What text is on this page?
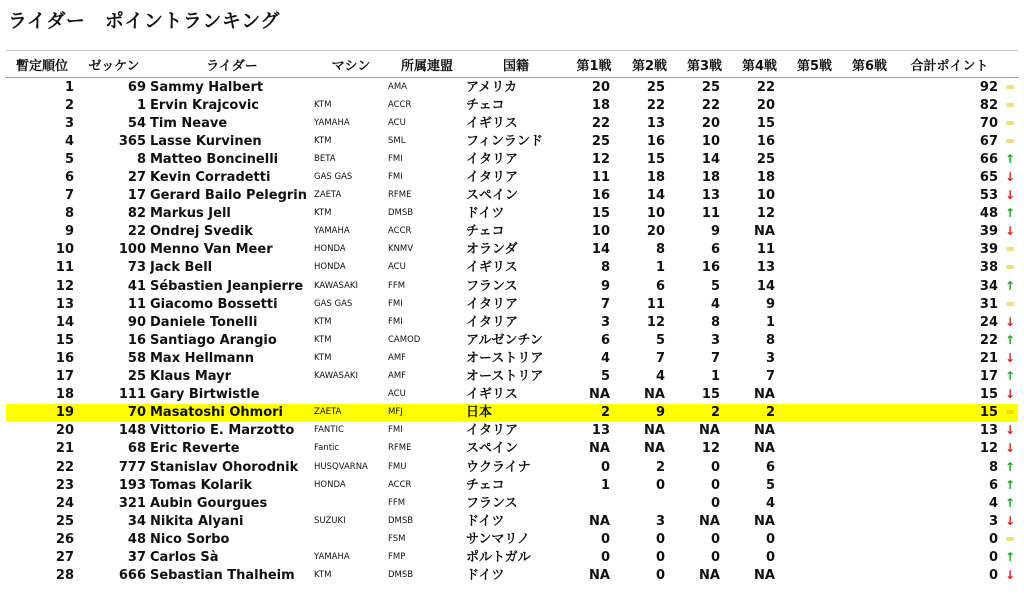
ライダー　ポイントランキング
暫定順位	ゼッケン	ライダー	マシン	所属連盟	国籍	第1戦	第2戦	第3戦	第4戦	第5戦	第6戦	合計ポイント	
1	69	Sammy Halbert		AMA	アメリカ	20	25	25	22			92	═
2	1	Ervin Krajcovic	KTM	ACCR	チェコ	18	22	22	20			82	═
3	54	Tim Neave	YAMAHA	ACU	イギリス	22	13	20	15			70	═
4	365	Lasse Kurvinen	KTM	SML	フィンランド	25	16	10	16			67	═
5	8	Matteo Boncinelli	BETA	FMI	イタリア	12	15	14	25			66	↑
6	27	Kevin Corradetti	GAS GAS	FMI	イタリア	11	18	18	18			65	↓
7	17	Gerard Bailo Pelegrin	ZAETA	RFME	スペイン	16	14	13	10			53	↓
8	82	Markus Jell	KTM	DMSB	ドイツ	15	10	11	12			48	↑
9	22	Ondrej Svedik	YAMAHA	ACCR	チェコ	10	20	9	NA			39	↓
10	100	Menno Van Meer	HONDA	KNMV	オランダ	14	8	6	11			39	═
11	73	Jack Bell	HONDA	ACU	イギリス	8	1	16	13			38	═
12	41	Sébastien Jeanpierre	KAWASAKI	FFM	フランス	9	6	5	14			34	↑
13	11	Giacomo Bossetti	GAS GAS	FMI	イタリア	7	11	4	9			31	═
14	90	Daniele Tonelli	KTM	FMI	イタリア	3	12	8	1			24	↓
15	16	Santiago Arangio	KTM	CAMOD	アルゼンチン	6	5	3	8			22	↑
16	58	Max Hellmann	KTM	AMF	オーストリア	4	7	7	3			21	↓
17	25	Klaus Mayr	KAWASAKI	AMF	オーストリア	5	4	1	7			17	↑
18	111	Gary Birtwistle		ACU	イギリス	NA	NA	15	NA			15	↓
19	70	Masatoshi Ohmori	ZAETA	MFJ	日本	2	9	2	2			15	═
20	148	Vittorio E. Marzotto	FANTIC	FMI	イタリア	13	NA	NA	NA			13	↓
21	68	Eric Reverte	Fantic	RFME	スペイン	NA	NA	12	NA			12	↓
22	777	Stanislav Ohorodnik	HUSQVARNA	FMU	ウクライナ	0	2	0	6			8	↑
23	193	Tomas Kolarik	HONDA	ACCR	チェコ	1	0	0	5			6	↑
24	321	Aubin Gourgues		FFM	フランス			0	4			4	↑
25	34	Nikita Alyani	SUZUKI	DMSB	ドイツ	NA	3	NA	NA			3	↓
26	48	Nico Sorbo		FSM	サンマリノ	0	0	0	0			0	═
27	37	Carlos Sà	YAMAHA	FMP	ポルトガル	0	0	0	0			0	↑
28	666	Sebastian Thalheim	KTM	DMSB	ドイツ	NA	0	NA	NA			0	↓
